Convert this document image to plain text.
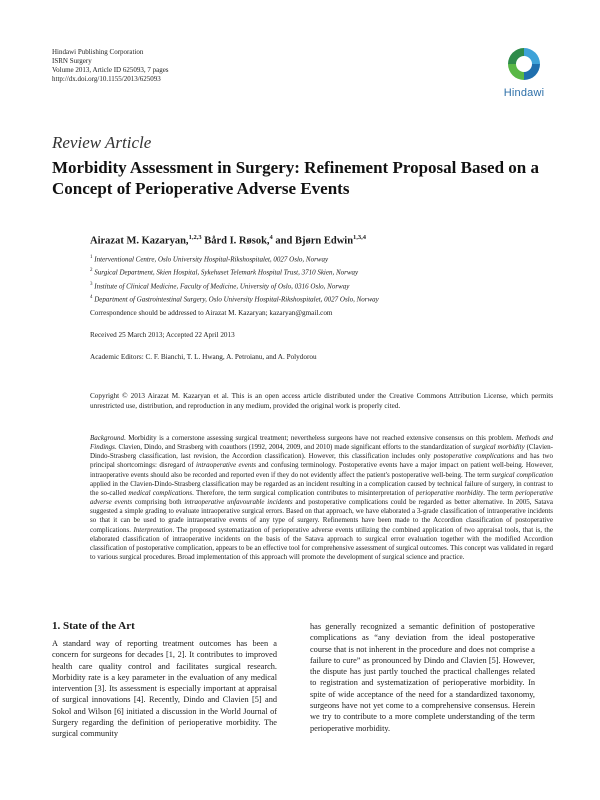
Hindawi Publishing Corporation
ISRN Surgery
Volume 2013, Article ID 625093, 7 pages
http://dx.doi.org/10.1155/2013/625093
Hindawi
Review Article
Morbidity Assessment in Surgery: Refinement Proposal Based on a Concept of Perioperative Adverse Events
Airazat M. Kazaryan,$^{1,2,3}$ Bård I. Røsok,$^4$ and Bjørn Edwin$^{1,3,4}$
$^1$ Interventional Centre, Oslo University Hospital-Rikshospitalet, 0027 Oslo, Norway
$^2$ Surgical Department, Skien Hospital, Sykehuset Telemark Hospital Trust, 3710 Skien, Norway
$^3$ Institute of Clinical Medicine, Faculty of Medicine, University of Oslo, 0316 Oslo, Norway
$^4$ Department of Gastrointestinal Surgery, Oslo University Hospital-Rikshospitalet, 0027 Oslo, Norway
Correspondence should be addressed to Airazat M. Kazaryan; kazaryan@gmail.com
Received 25 March 2013; Accepted 22 April 2013
Academic Editors: C. F. Bianchi, T. L. Hwang, A. Petroianu, and A. Polydorou
Copyright © 2013 Airazat M. Kazaryan et al. This is an open access article distributed under the Creative Commons Attribution License, which permits unrestricted use, distribution, and reproduction in any medium, provided the original work is properly cited.
Background. Morbidity is a cornerstone assessing surgical treatment; nevertheless surgeons have not reached extensive consensus on this problem. Methods and Findings. Clavien, Dindo, and Strasberg with coauthors (1992, 2004, 2009, and 2010) made significant efforts to the standardization of surgical morbidity (Clavien-Dindo-Strasberg classification, last revision, the Accordion classification). However, this classification includes only postoperative complications and has two principal shortcomings: disregard of intraoperative events and confusing terminology. Postoperative events have a major impact on patient well-being. However, intraoperative events should also be recorded and reported even if they do not evidently affect the patient's postoperative well-being. The term surgical complication applied in the Clavien-Dindo-Strasberg classification may be regarded as an incident resulting in a complication caused by technical failure of surgery, in contrast to the so-called medical complications. Therefore, the term surgical complication contributes to misinterpretation of perioperative morbidity. The term perioperative adverse events comprising both intraoperative unfavourable incidents and postoperative complications could be regarded as better alternative. In 2005, Satava suggested a simple grading to evaluate intraoperative surgical errors. Based on that approach, we have elaborated a 3-grade classification of intraoperative incidents so that it can be used to grade intraoperative events of any type of surgery. Refinements have been made to the Accordion classification of postoperative complications. Interpretation. The proposed systematization of perioperative adverse events utilizing the combined application of two appraisal tools, that is, the elaborated classification of intraoperative incidents on the basis of the Satava approach to surgical error evaluation together with the modified Accordion classification of postoperative complication, appears to be an effective tool for comprehensive assessment of surgical outcomes. This concept was validated in regard to various surgical procedures. Broad implementation of this approach will promote the development of surgical science and practice.
1. State of the Art
A standard way of reporting treatment outcomes has been a concern for surgeons for decades [1, 2]. It contributes to improved health care quality control and facilitates surgical research. Morbidity rate is a key parameter in the evaluation of any medical intervention [3]. Its assessment is especially important at appraisal of surgical innovations [4]. Recently, Dindo and Clavien [5] and Sokol and Wilson [6] initiated a discussion in the World Journal of Surgery regarding the definition of perioperative morbidity. The surgical community
has generally recognized a semantic definition of postoperative complications as “any deviation from the ideal postoperative course that is not inherent in the procedure and does not comprise a failure to cure” as pronounced by Dindo and Clavien [5]. However, the dispute has just partly touched the practical challenges related to registration and systematization of perioperative morbidity. In spite of wide acceptance of the need for a standardized taxonomy, surgeons have not yet come to a comprehensive consensus. Herein we try to contribute to a more complete understanding of the term perioperative morbidity.
